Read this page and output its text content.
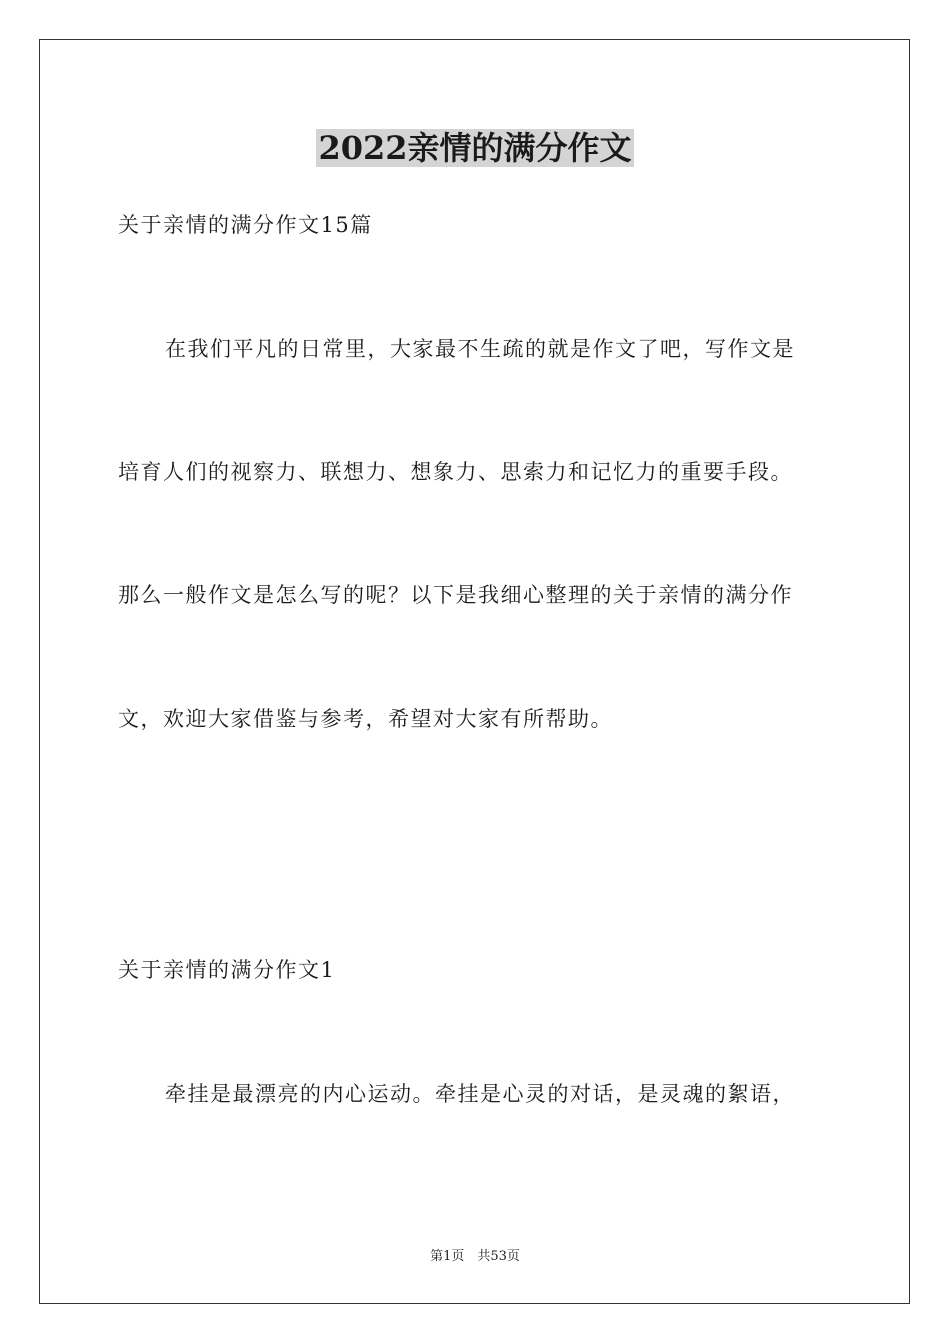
2022亲情的满分作文
关于亲情的满分作文15篇
在我们平凡的日常里，大家最不生疏的就是作文了吧，写作文是
培育人们的视察力、联想力、想象力、思索力和记忆力的重要手段。
那么一般作文是怎么写的呢？以下是我细心整理的关于亲情的满分作
文，欢迎大家借鉴与参考，希望对大家有所帮助。
关于亲情的满分作文1
牵挂是最漂亮的内心运动。牵挂是心灵的对话，是灵魂的絮语，
第1页　共53页
